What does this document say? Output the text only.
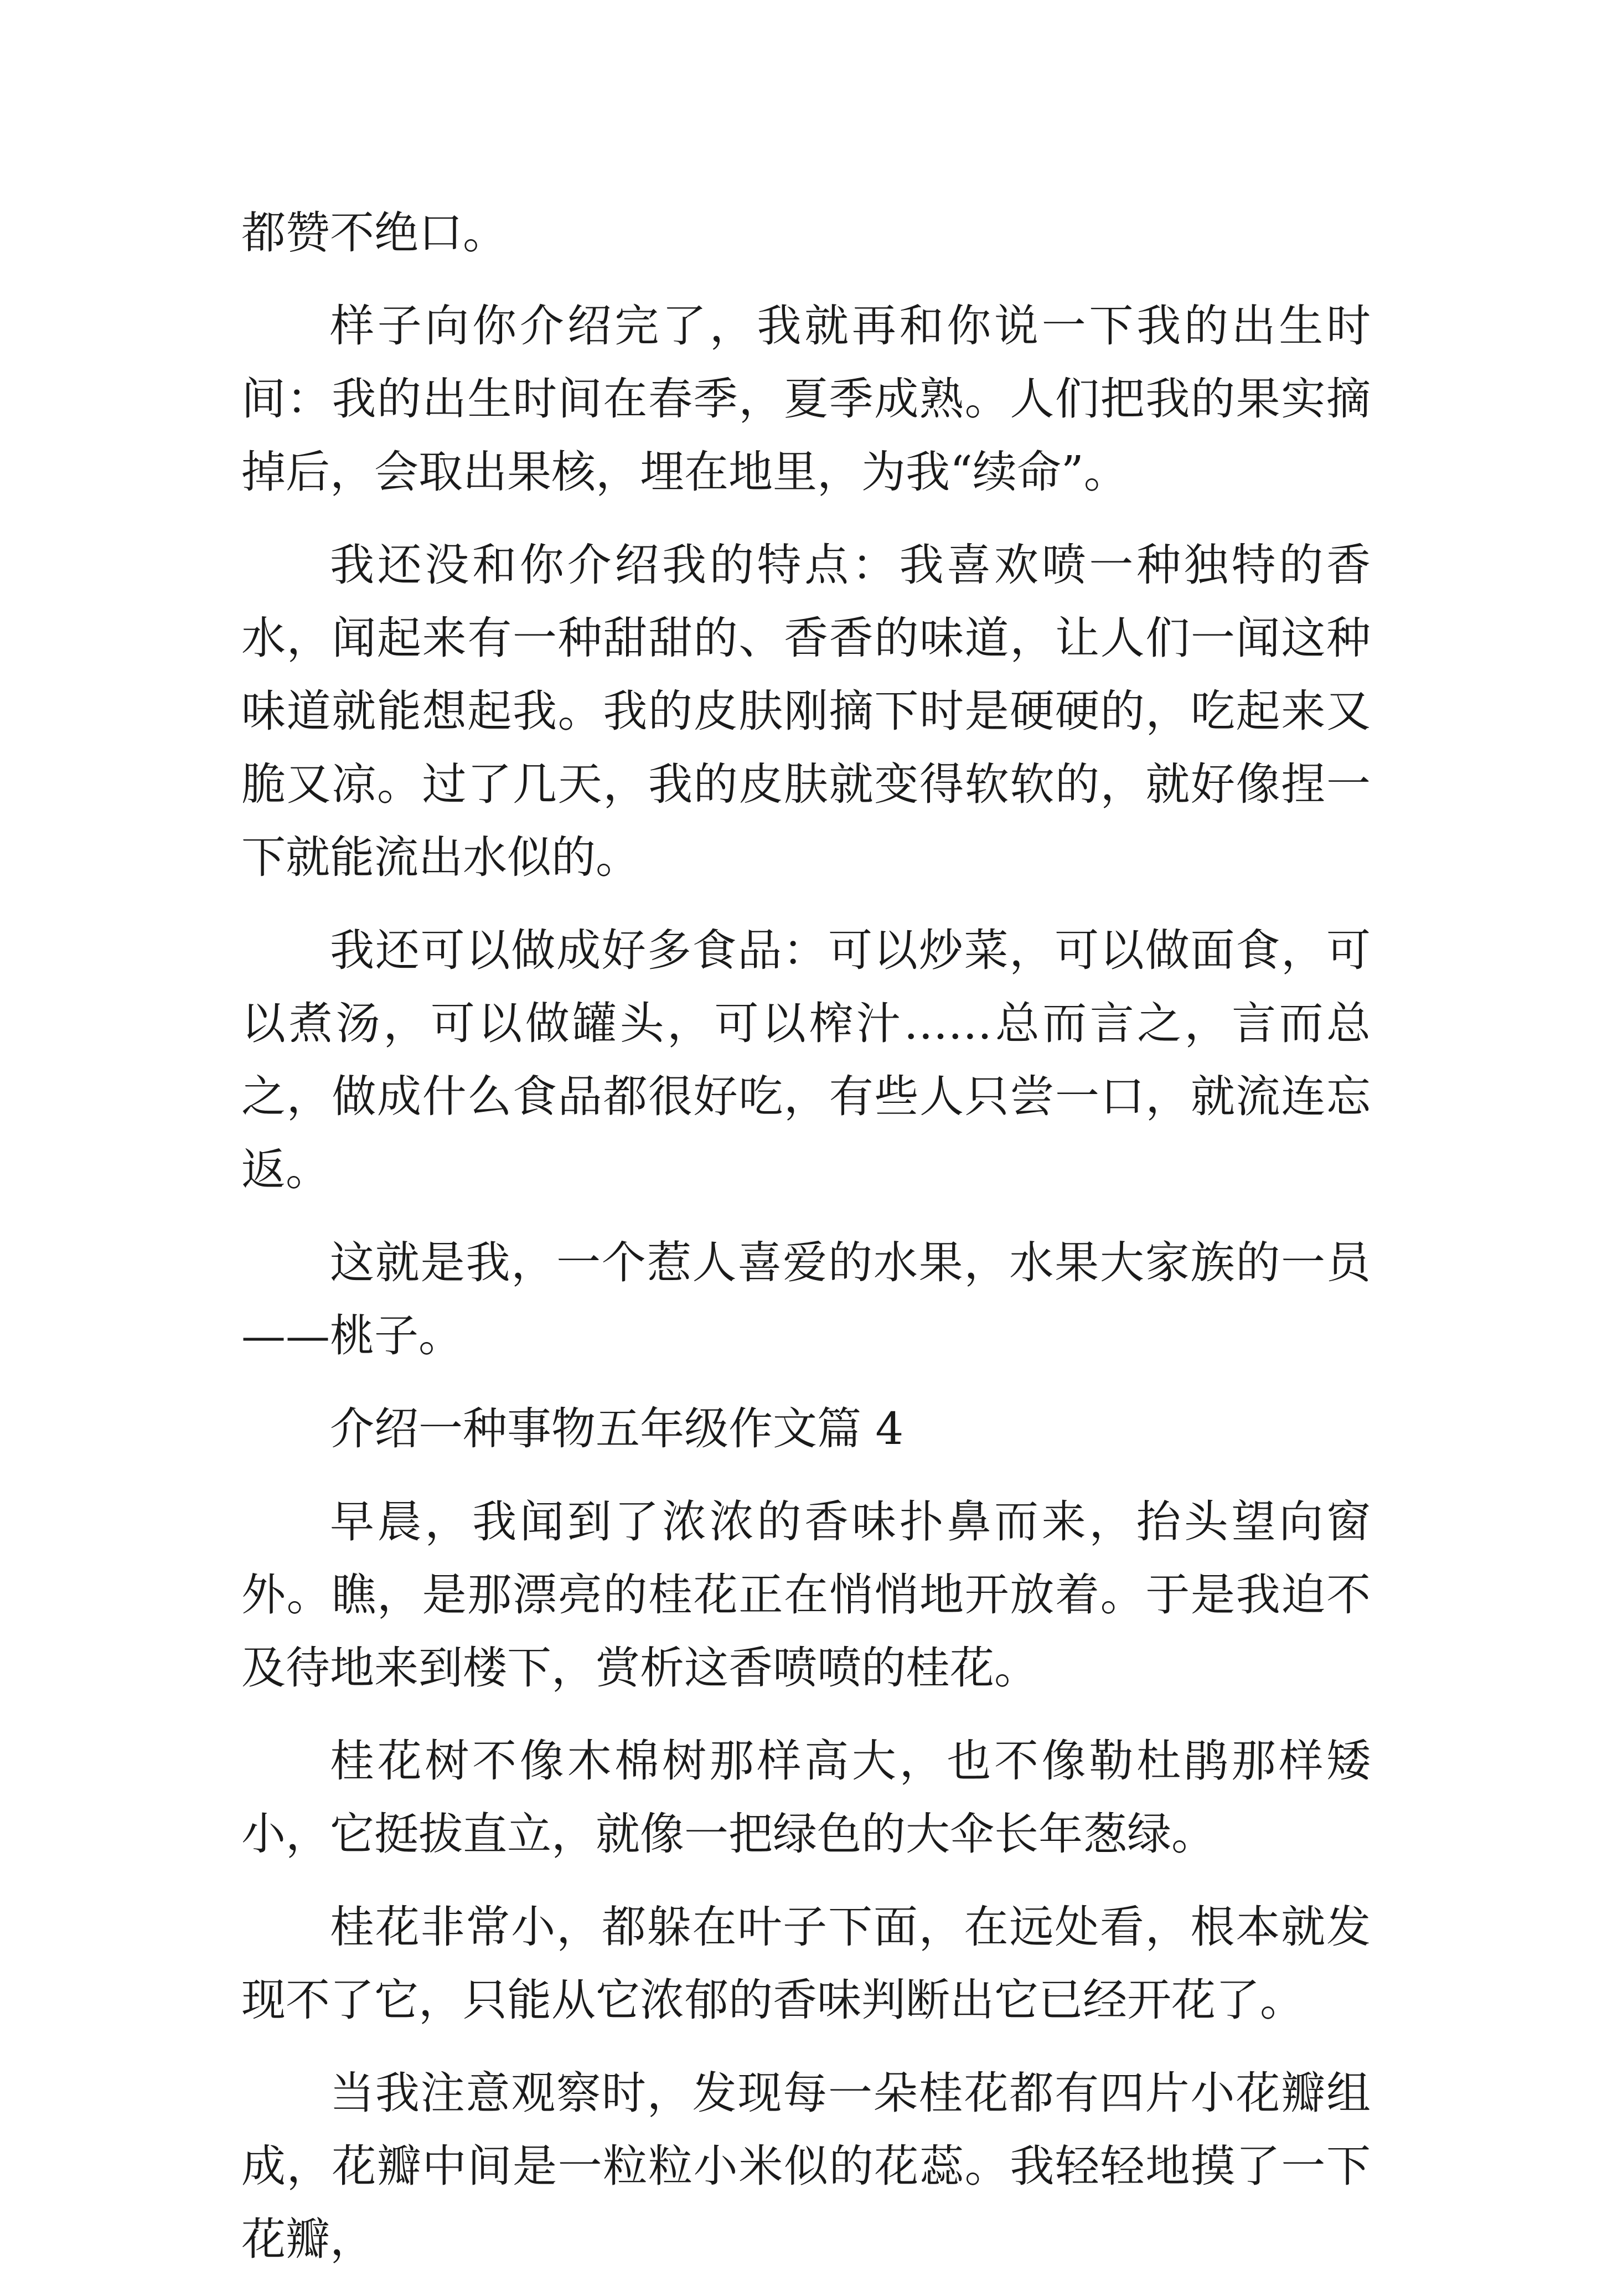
都赞不绝口。

样子向你介绍完了，我就再和你说一下我的出生时间：我的出生时间在春季，夏季成熟。人们把我的果实摘掉后，会取出果核，埋在地里，为我“续命”。

我还没和你介绍我的特点：我喜欢喷一种独特的香水，闻起来有一种甜甜的、香香的味道，让人们一闻这种味道就能想起我。我的皮肤刚摘下时是硬硬的，吃起来又脆又凉。过了几天，我的皮肤就变得软软的，就好像捏一下就能流出水似的。

我还可以做成好多食品：可以炒菜，可以做面食，可以煮汤，可以做罐头，可以榨汁……总而言之，言而总之，做成什么食品都很好吃，有些人只尝一口，就流连忘返。

这就是我，一个惹人喜爱的水果，水果大家族的一员——桃子。

介绍一种事物五年级作文篇 4

早晨，我闻到了浓浓的香味扑鼻而来，抬头望向窗外。瞧，是那漂亮的桂花正在悄悄地开放着。于是我迫不及待地来到楼下，赏析这香喷喷的桂花。

桂花树不像木棉树那样高大，也不像勒杜鹃那样矮小，它挺拔直立，就像一把绿色的大伞长年葱绿。

桂花非常小，都躲在叶子下面，在远处看，根本就发现不了它，只能从它浓郁的香味判断出它已经开花了。

当我注意观察时，发现每一朵桂花都有四片小花瓣组成，花瓣中间是一粒粒小米似的花蕊。我轻轻地摸了一下花瓣，
